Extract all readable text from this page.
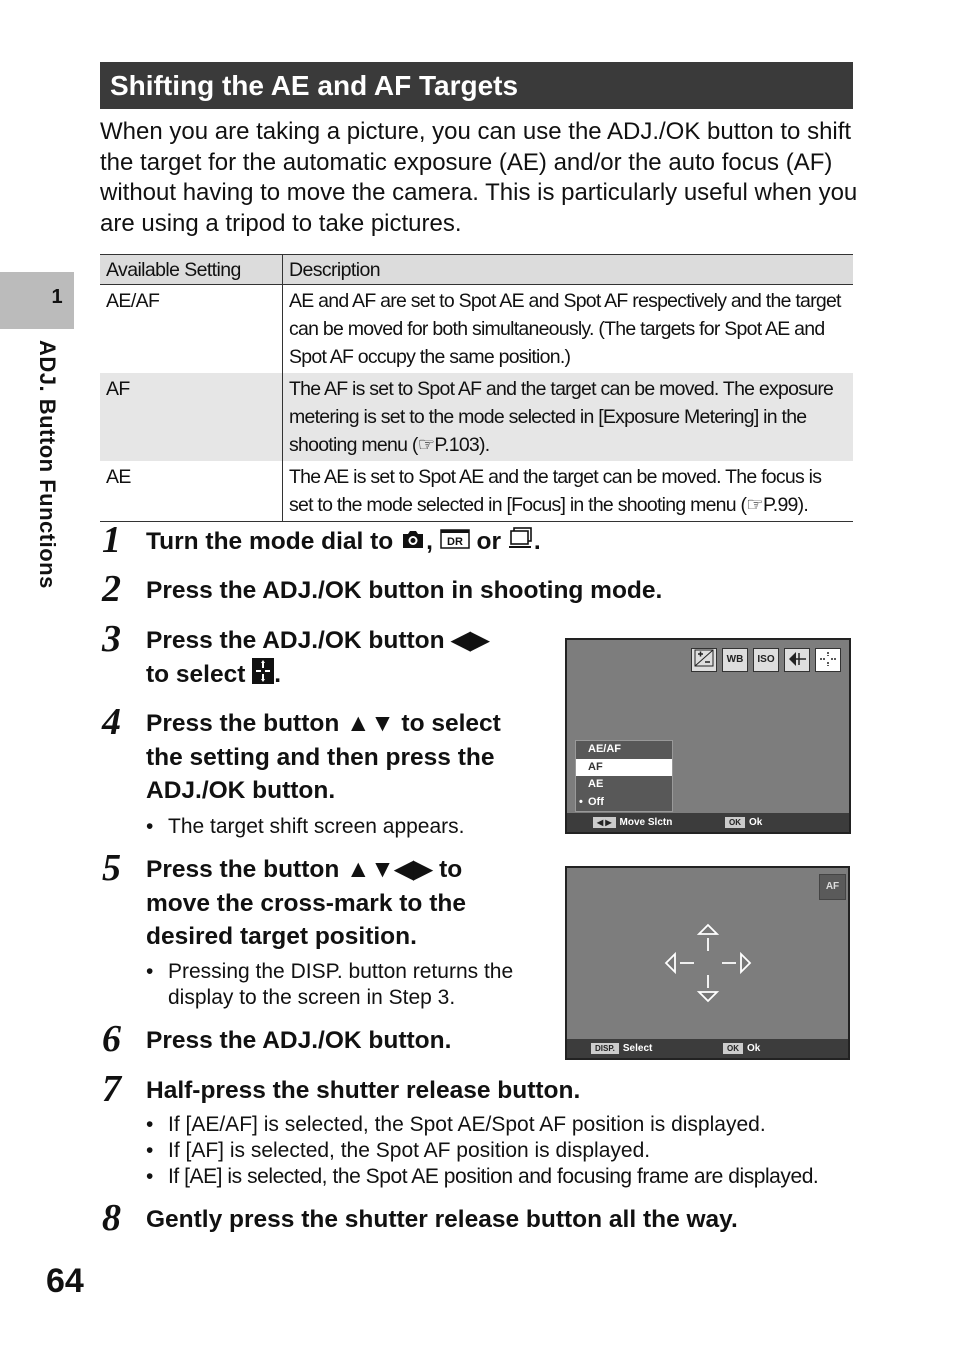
1
ADJ. Button Functions
64
Shifting the AE and AF Targets
When you are taking a picture, you can use the ADJ./OK button to shift the target for the automatic exposure (AE) and/or the auto focus (AF) without having to move the camera. This is particularly useful when you are using a tripod to take pictures.
Available Setting	Description
AE/AF	AE and AF are set to Spot AE and Spot AF respectively and the target can be moved for both simultaneously. (The targets for Spot AE and Spot AF occupy the same position.)
AF	The AF is set to Spot AF and the target can be moved. The exposure metering is set to the mode selected in [Exposure Metering] in the shooting menu (☞P.103).
AE	The AE is set to Spot AE and the target can be moved. The focus is set to the mode selected in [Focus] in the shooting menu (☞P.99).
1 Turn the mode dial to , DR or .
2 Press the ADJ./OK button in shooting mode.
3 Press the ADJ./OK button ◀▶
to select .
4 Press the button ▲▼ to select
the setting and then press the
ADJ./OK button.
• The target shift screen appears.
5 Press the button ▲▼◀▶ to
move the cross-mark to the
desired target position.
• Pressing the DISP. button returns the display to the screen in Step 3.
6 Press the ADJ./OK button.
7 Half-press the shutter release button.
• If [AE/AF] is selected, the Spot AE/Spot AF position is displayed.
• If [AF] is selected, the Spot AF position is displayed.
• If [AE] is selected, the Spot AE position and focusing frame are displayed.
8 Gently press the shutter release button all the way.
WB	ISO
AE/AF
AF
AE
• Off
◀ ▶ Move Slctn	OK Ok
AF
DISP. Select	OK Ok
